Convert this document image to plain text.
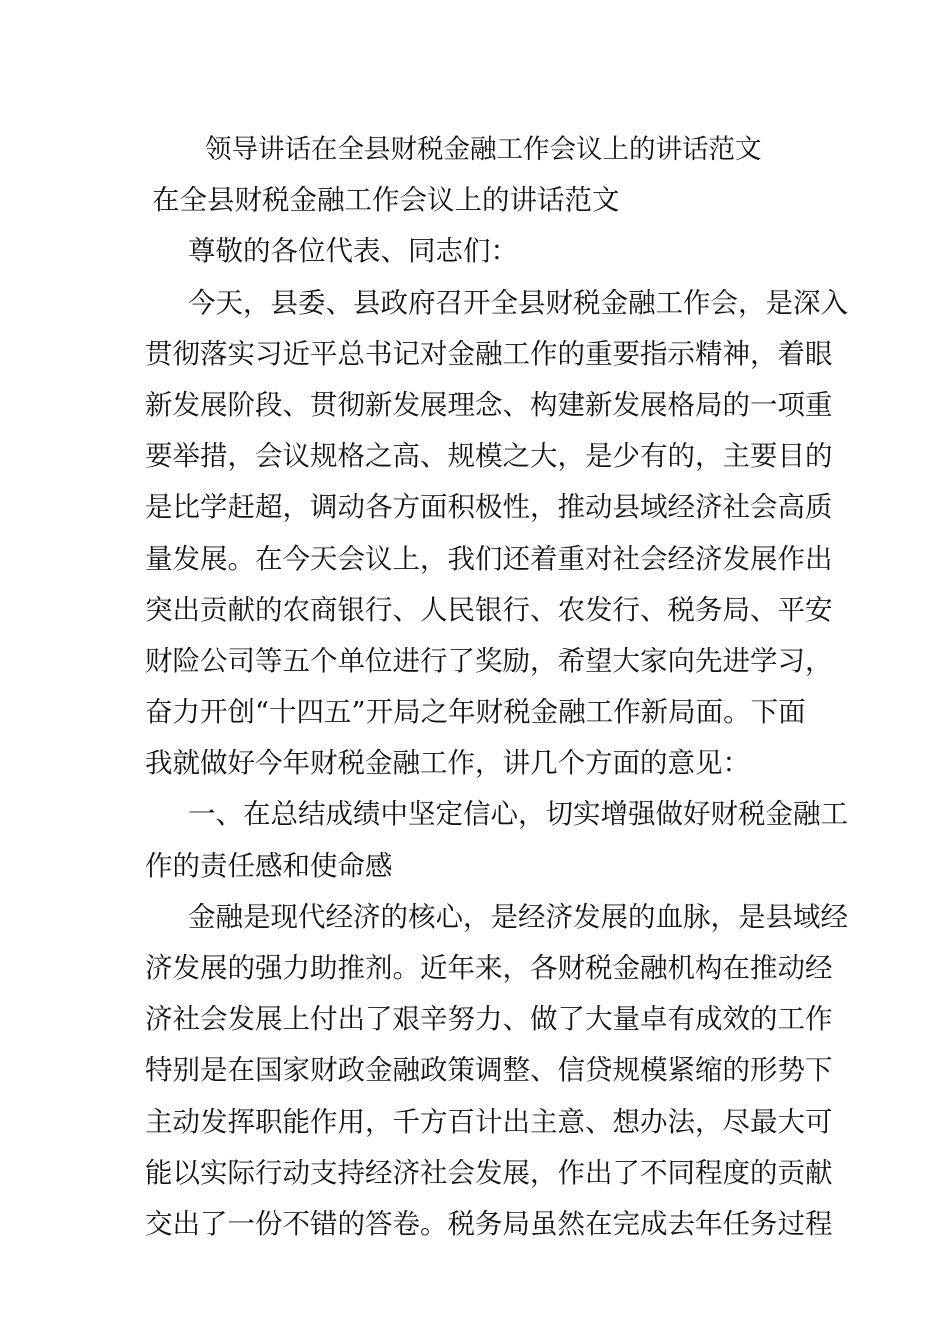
领导讲话在全县财税金融工作会议上的讲话范文
在全县财税金融工作会议上的讲话范文
尊敬的各位代表、同志们：
今天，县委、县政府召开全县财税金融工作会，是深入
贯彻落实习近平总书记对金融工作的重要指示精神，着眼
新发展阶段、贯彻新发展理念、构建新发展格局的一项重
要举措，会议规格之高、规模之大，是少有的，主要目的
是比学赶超，调动各方面积极性，推动县域经济社会高质
量发展。在今天会议上，我们还着重对社会经济发展作出
突出贡献的农商银行、人民银行、农发行、税务局、平安
财险公司等五个单位进行了奖励，希望大家向先进学习，
奋力开创“十四五”开局之年财税金融工作新局面。下面
我就做好今年财税金融工作，讲几个方面的意见：
一、在总结成绩中坚定信心，切实增强做好财税金融工
作的责任感和使命感
金融是现代经济的核心，是经济发展的血脉，是县域经
济发展的强力助推剂。近年来，各财税金融机构在推动经
济社会发展上付出了艰辛努力、做了大量卓有成效的工作
特别是在国家财政金融政策调整、信贷规模紧缩的形势下
主动发挥职能作用，千方百计出主意、想办法，尽最大可
能以实际行动支持经济社会发展，作出了不同程度的贡献
交出了一份不错的答卷。税务局虽然在完成去年任务过程
